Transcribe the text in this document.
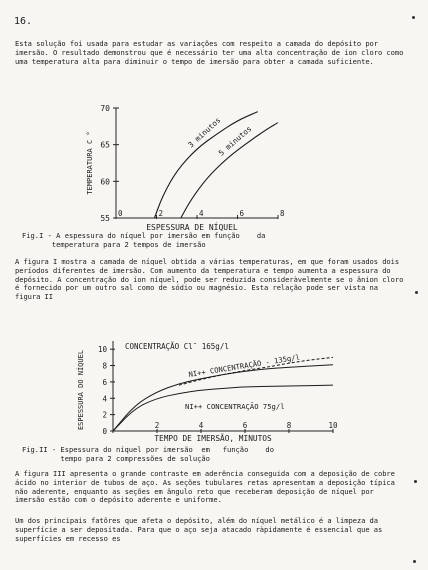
16.
Esta solução foi usada para estudar as variações com respeito a camada do depósito por imersão. O resultado demonstrou que é necessário ter uma alta concentração de íon cloro como uma temperatura alta para diminuir o tempo de imersão para obter a camada suficiente.
55
60
65
70
0	2	4	6	8
ESPESSURA DE NÍQUEL
TEMPERATURA C °	3 minutos
5 minutos
Fig.I - A espessura do níquel por imersão em função    da
temperatura para 2 tempos de imersão
A figura I mostra a camada de níquel obtida a várias temperaturas, em que foram usados dois períodos diferentes de imersão. Com aumento da temperatura e tempo aumenta a espessura do depósito. A concentração do íon níquel, pode ser reduzida consideràvelmente se o ânion cloro é fornecido por um outro sal como de sódio ou magnésio. Esta relação pode ser vista na figura II
0
2
4
6
8
10
2	4	6	8	10
TEMPO DE IMERSÃO, MINUTOS
ESPESSURA DO NÍQUEL
CONCENTRAÇÃO Cl¯ 165g/l
NI++ CONCENTRAÇÃO - 135g/l
NI++ CONCENTRAÇÃO 75g/l
Fig.II - Espessura do níquel por imersão  em   função    do
tempo para 2 compressões de solução
A figura III apresenta o grande contraste em aderência conseguida com a deposição de cobre ácido no interior de tubos de aço. As seções tubulares retas apresentam a deposição típica não aderente, enquanto as seções em ângulo reto que receberam deposição de níquel por imersão estão com o depósito aderente e uniforme.
Um dos principais fatôres que afeta o depósito, além do níquel metálico é a limpeza da superfície a ser depositada. Para que o aço seja atacado ràpidamente é essencial que as superfícies em recesso es
